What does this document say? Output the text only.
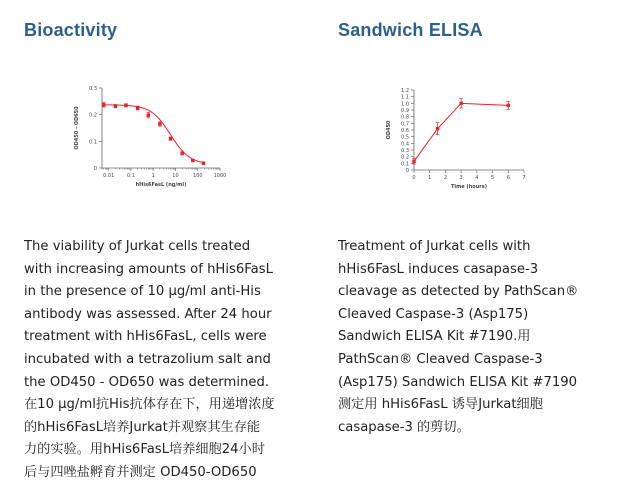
Bioactivity
0
0.1
0.2
0.3
0.01	0.1	1	10	100 1000
hHis6FasL (ng/ml)
OD450 - OD650

The viability of Jurkat cells treated
with increasing amounts of hHis6FasL
in the presence of 10 µg/ml anti-His
antibody was assessed. After 24 hour
treatment with hHis6FasL, cells were
incubated with a tetrazolium salt and
the OD450 - OD650 was determined.
在10 µg/ml抗His抗体存在下，用递增浓度
的hHis6FasL培养Jurkat并观察其生存能
力的实验。用hHis6FasL培养细胞24小时
后与四唑盐孵育并测定 OD450-OD650

Sandwich ELISA
0
0.1
0.2
0.3
0.4
0.5
0.6
0.7
0.8
0.9
1.0
1.1
1.2
0	1	2	3	4	5	6	7
Time (hours)
OD450

Treatment of Jurkat cells with
hHis6FasL induces casapase-3
cleavage as detected by PathScan®
Cleaved Caspase-3 (Asp175)
Sandwich ELISA Kit #7190.用
PathScan® Cleaved Caspase-3
(Asp175) Sandwich ELISA Kit #7190
测定用 hHis6FasL 诱导Jurkat细胞
casapase-3 的剪切。
